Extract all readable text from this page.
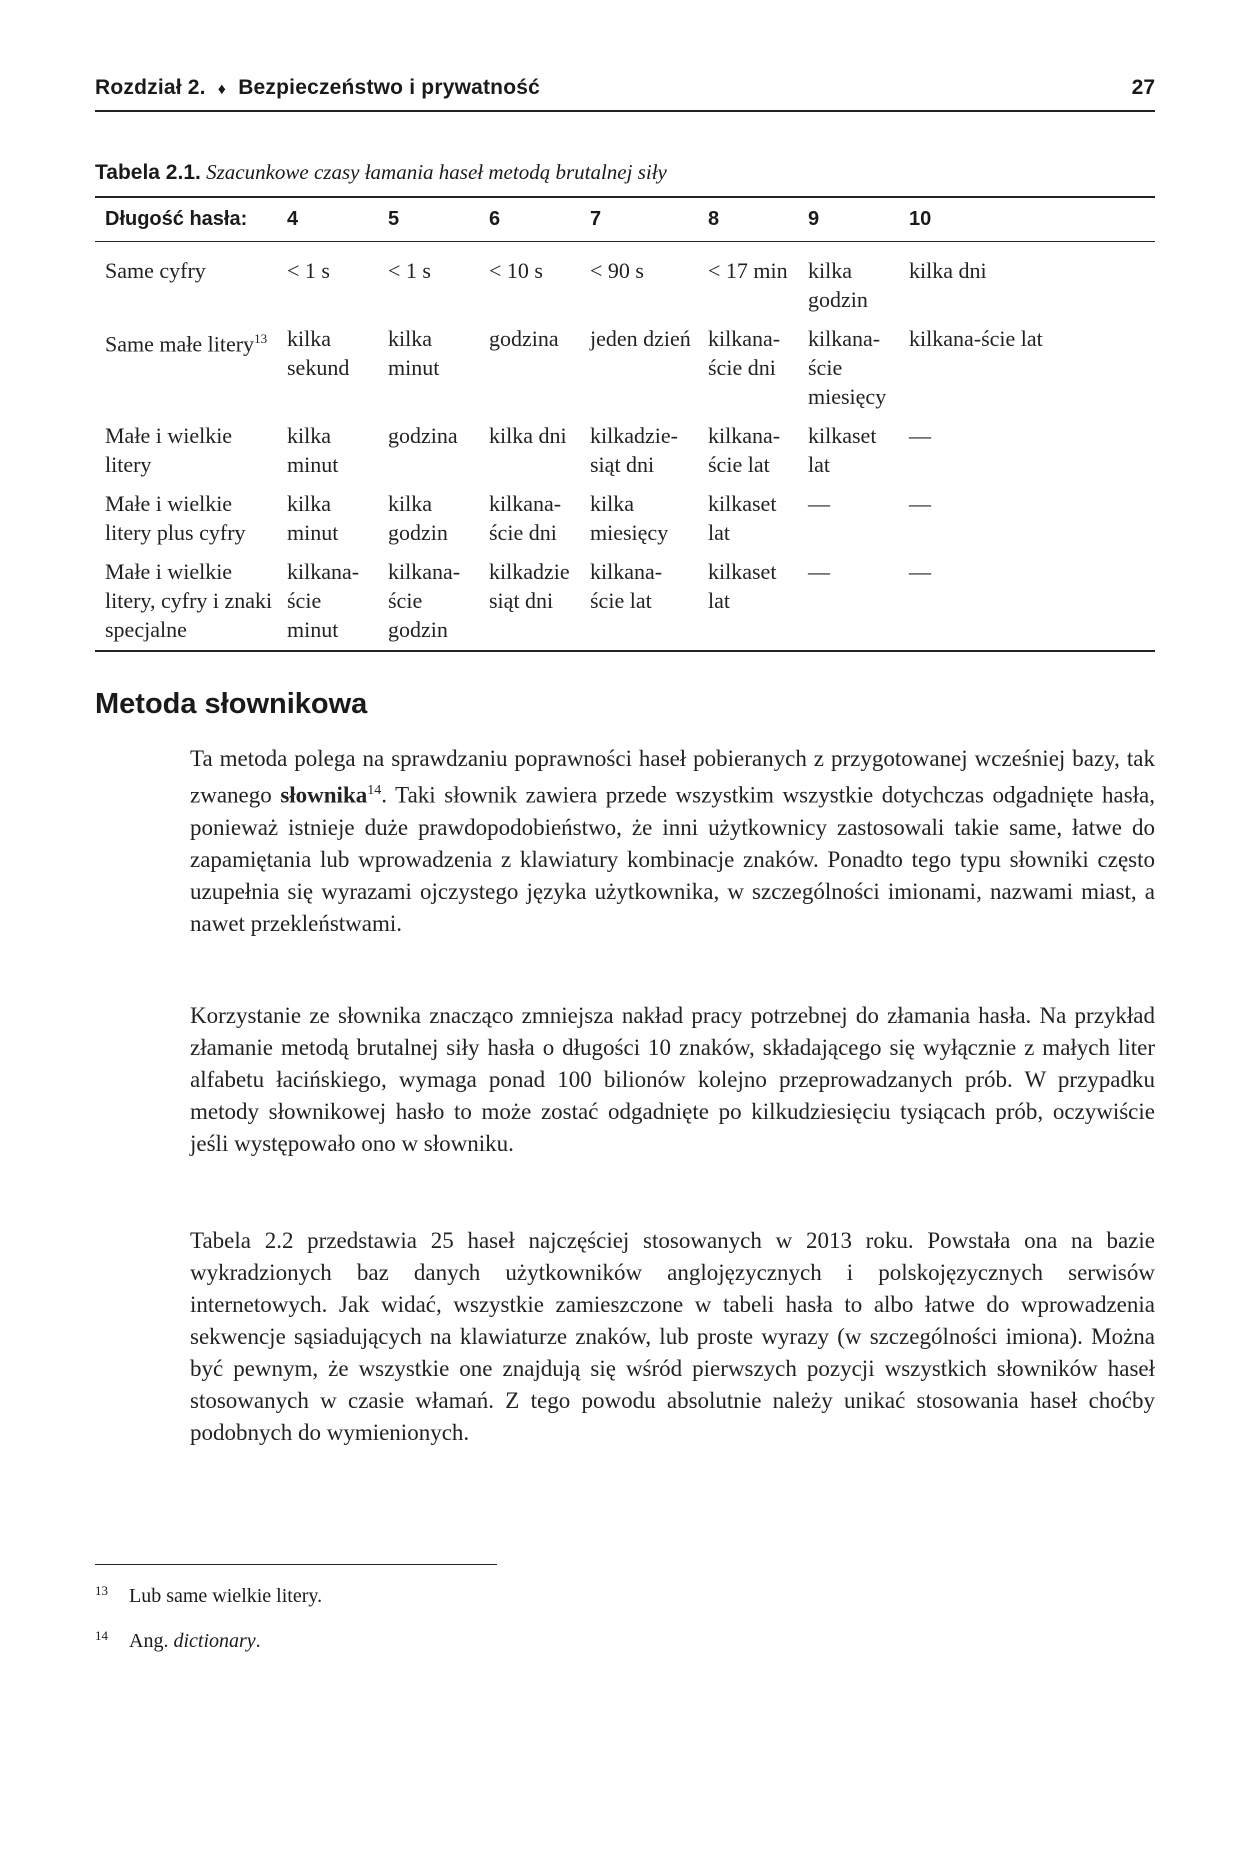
Rozdział 2. ♦ Bezpieczeństwo i prywatność	27
Tabela 2.1. Szacunkowe czasy łamania haseł metodą brutalnej siły
Długość hasła:	4	5	6	7	8	9	10
Same cyfry	< 1 s	< 1 s	< 10 s	< 90 s	< 17 min	kilka godzin	kilka dni
Same małe litery$^{13}$	kilka sekund	kilka minut	godzina	jeden dzień	kilkana-ście dni	kilkana-ście miesięcy	kilkana-ście lat
Małe i wielkie litery	kilka minut	godzina	kilka dni	kilkadzie-siąt dni	kilkana-ście lat	kilkaset lat	—
Małe i wielkie litery plus cyfry	kilka minut	kilka godzin	kilkana-ście dni	kilka miesięcy	kilkaset lat	—	—
Małe i wielkie litery, cyfry i znaki specjalne	kilkana-ście minut	kilkana-ście godzin	kilkadzie siąt dni	kilkana-ście lat	kilkaset lat	—	—
Metoda słownikowa

Ta metoda polega na sprawdzaniu poprawności haseł pobieranych z przygotowanej wcześniej bazy, tak zwanego słownika$^{14}$. Taki słownik zawiera przede wszystkim wszystkie dotychczas odgadnięte hasła, ponieważ istnieje duże prawdopodobieństwo, że inni użytkownicy zastosowali takie same, łatwe do zapamiętania lub wprowadzenia z klawiatury kombinacje znaków. Ponadto tego typu słowniki często uzupełnia się wyrazami ojczystego języka użytkownika, w szczególności imionami, nazwami miast, a nawet przekleństwami.

Korzystanie ze słownika znacząco zmniejsza nakład pracy potrzebnej do złamania hasła. Na przykład złamanie metodą brutalnej siły hasła o długości 10 znaków, składającego się wyłącznie z małych liter alfabetu łacińskiego, wymaga ponad 100 bilionów kolejno przeprowadzanych prób. W przypadku metody słownikowej hasło to może zostać odgadnięte po kilkudziesięciu tysiącach prób, oczywiście jeśli występowało ono w słowniku.

Tabela 2.2 przedstawia 25 haseł najczęściej stosowanych w 2013 roku. Powstała ona na bazie wykradzionych baz danych użytkowników anglojęzycznych i polskojęzycznych serwisów internetowych. Jak widać, wszystkie zamieszczone w tabeli hasła to albo łatwe do wprowadzenia sekwencje sąsiadujących na klawiaturze znaków, lub proste wyrazy (w szczególności imiona). Można być pewnym, że wszystkie one znajdują się wśród pierwszych pozycji wszystkich słowników haseł stosowanych w czasie włamań. Z tego powodu absolutnie należy unikać stosowania haseł choćby podobnych do wymienionych.

13 Lub same wielkie litery.
14 Ang. dictionary.
